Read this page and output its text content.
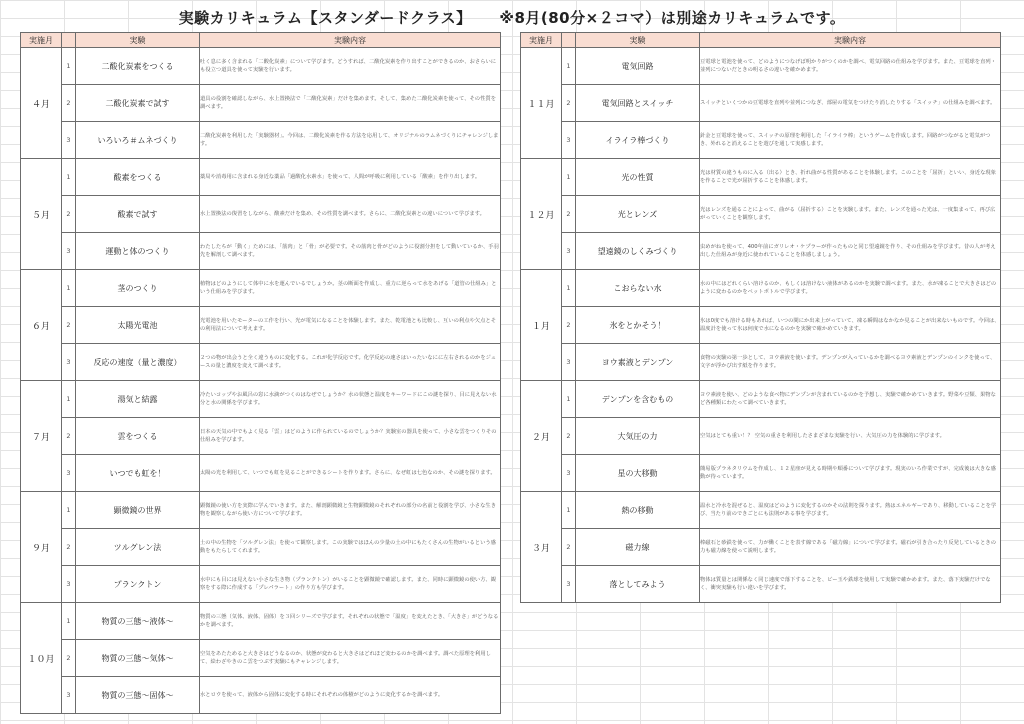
実験カリキュラム【スタンダードクラス】 ※8月(80分×２コマ）は別途カリキュラムです。
実施月		実験	実験内容
４月	1	二酸化炭素をつくる	吐く息に多く含まれる「二酸化炭素」について学びます。どうすれば、二酸化炭素を作り出すことができるのか、おさらいにも役立つ道具を使って実験を行います。

	2	二酸化炭素で試す	道具の役割を確認しながら、水上置換法で「二酸化炭素」だけを集めます。そして、集めた二酸化炭素を使って、その性質を調べます。

	3	いろいろ＃ムネづくり	二酸化炭素を利用した「実験器材」。今回は、二酸化炭素を作る方法を応用して、オリジナルのラムネづくりにチャレンジします。

５月	1	酸素をつくる	薬局や消毒用に含まれる身近な薬品「過酸化水素水」を使って、人間が呼吸に利用している「酸素」を作り出します。

	2	酸素で試す	水上置換法の復習をしながら、酸素だけを集め、その性質を調べます。さらに、二酸化炭素との違いについて学びます。

	3	運動と体のつくり	わたしたちが「動く」ためには、「筋肉」と「骨」が必要です。その筋肉と骨がどのように役割分担をして動いているか、手羽先を解剖して調べます。

６月	1	茎のつくり	植物はどのようにして体中に水を運んでいるでしょうか。茎の断面を作成し、重力に逆らって水をあげる「道管の仕組み」という仕組みを学びます。

	2	太陽光電池	光電池を用いたモーターの工作を行い、光が電気になることを体験します。また、乾電池とも比較し、互いの利点や欠点とその利用法について考えます。

	3	反応の速度（量と濃度）	２つの物が出会うと全く違うものに変化する。これが化学反応です。化学反応の速さはいったいなにに左右されるのかをジュースの量と濃度を変えて調べます。

７月	1	湯気と結露	冷たいコップやお風呂の窓に水滴がつくのはなぜでしょうか？水の状態と温度をキーワードにこの謎を探り、目に見えない水分と水の関係を学びます。

	2	雲をつくる	日本の天気の中でもよく見る「雲」はどのように作られているのでしょうか？実験室の器具を使って、小さな雲をつくりその仕組みを学びます。

	3	いつでも虹を！	太陽の光を利用して、いつでも虹を見ることができるシートを作ります。さらに、なぜ虹は七色なのか、その謎を探ります。

９月	1	顕微鏡の世界	顕微鏡の使い方を実際に学んでいきます。また、解剖顕微鏡と生物顕微鏡のそれぞれの部分の名前と役割を学び、小さな生き物を観察しながら使い方について学びます。

	2	ツルグレン法	土の中の生物を「ツルグレン法」を使って観察します。この実験ではほんの少量の土の中にもたくさんの生物がいるという感動をもたらしてくれます。

	3	プランクトン	水中にも目には見えない小さな生き物（プランクトン）がいることを顕微鏡で確認します。また、同時に顕微鏡の使い方、観察をする際に作成する「プレパラート」の作り方も学びます。

１０月	1	物質の三態〜液体〜	物質の三態（気体、液体、固体）を３回シリーズで学びます。それぞれの状態で「温度」を変えたとき、「大きさ」がどうなるかを調べます。

	2	物質の三態〜気体〜	空気をあたためると大きさはどうなるのか、状態が変わると大きさはどれほど変わるのかを調べます。調べた原理を利用して、絵わざやきのこ雲をつぶす実験にもチャレンジします。

	3	物質の三態〜固体〜	水とロウを使って、液体から固体に変化する時にそれぞれの体積がどのように変化するかを調べます。
実施月		実験	実験内容
１１月	1	電気回路	豆電球と電池を使って、どのようにつなげば明かりがつくのかを調べ、電気回路の仕組みを学びます。また、豆電球を直列・並列につないだときの明るさの違いを確かめます。

	2	電気回路とスイッチ	スイッチといくつかの豆電球を直列や並列につなぎ、部屋の電気をつけたり消したりする「スイッチ」の仕組みを調べます。

	3	イライラ棒づくり	針金と豆電球を使って、スイッチの原理を利用した「イライラ棒」というゲームを作成します。回路がつながると電気がつき、外れると消えることを遊びを通して実感します。

１２月	1	光の性質	光は材質の違うものに入る（出る）とき、折れ曲がる性質があることを体験します。このことを「屈折」といい、身近な現象を作ることで光が屈折することを体感します。

	2	光とレンズ	光はレンズを通ることによって、曲がる（屈折する）ことを実験します。また、レンズを通った光は、一度集まって、再び広がっていくことを観察します。

	3	望遠鏡のしくみづくり	虫めがねを使って、400年前にガリレオ・ケプラーが作ったものと同じ望遠鏡を作り、その仕組みを学びます。昔の人が考え出した仕組みが身近に使われていることを体感しましょう。

１月	1	こおらない水	水の中にはどれくらい溶けるのか、もしくは溶けない液体があるのかを実験で調べます。また、水が凍ることで大きさはどのように変わるのかをペットボトルで学びます。

	2	氷をとかそう！	氷は0度でも溶ける時もあれば、いつの間にか出来上がっていて、凍る瞬間はなかなか見ることが出来ないものです。今回は、温度計を使って氷は何度で水になるのかを実験で確かめていきます。

	3	ヨウ素液とデンプン	食物の実験の第一歩として、ヨウ素液を使います。デンプンが入っているかを調べるヨウ素液とデンプンのインクを使って、文字が浮かび出す紙を作ります。

２月	1	デンプンを含むもの	ヨウ素液を使い、どのような食べ物にデンプンが含まれているのかを予想し、実験で確かめていきます。野菜や豆類、果物など各種類にわたって調べていきます。

	2	大気圧の力	空気はとても重い！？ 空気の重さを利用したさまざまな実験を行い、大気圧の力を体験的に学びます。

	3	星の大移動	簡易版プラネタリウムを作成し、１２星座が見える時期や順番について学びます。現実のいろ作業ですが、完成後は大きな感動が待っています。

３月	1	熱の移動	温水と冷水を混ぜると、温度はどのように変化するのかその法則を探ります。熱はエネルギーであり、移動していることを学び、当たり前のできごとにも法則がある事を学びます。

	2	磁力線	棒磁石と砂鉄を使って、力が働くことを表す線である「磁力線」について学びます。磁石が引き合ったり反発しているときの力も磁力線を使って説明します。

	3	落としてみよう	物体は質量とは関係なく同じ速度で落下することを、ビー玉や鉄球を使用して実験で確かめます。また、落下実験だけでなく、衝突実験も行い違いを学びます。
